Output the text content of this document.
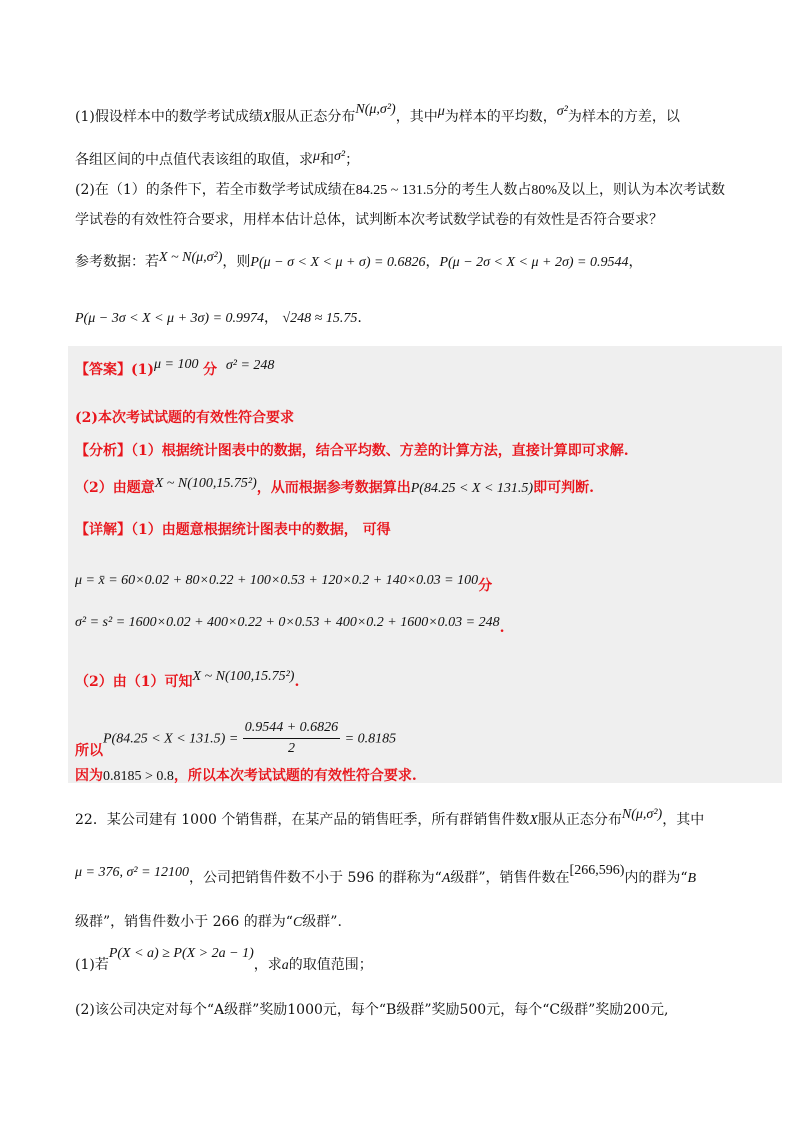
(1)假设样本中的数学考试成绩X服从正态分布N(μ,σ²)，其中μ为样本的平均数，σ²为样本的方差，以
各组区间的中点值代表该组的取值，求μ和σ²；
(2)在（1）的条件下，若全市数学考试成绩在84.25 ~ 131.5分的考生人数占80%及以上，则认为本次考试数
学试卷的有效性符合要求，用样本估计总体，试判断本次考试数学试卷的有效性是否符合要求？
参考数据：若X ~ N(μ,σ²)，则P(μ − σ < X < μ + σ) = 0.6826，P(μ − 2σ < X < μ + 2σ) = 0.9544，
P(μ − 3σ < X < μ + 3σ) = 0.9974， √248 ≈ 15.75.
【答案】(1)μ = 100 分 σ² = 248
(2)本次考试试题的有效性符合要求
【分析】（1）根据统计图表中的数据，结合平均数、方差的计算方法，直接计算即可求解.
（2）由题意X ~ N(100,15.75²)，从而根据参考数据算出P(84.25 < X < 131.5)即可判断.
【详解】（1）由题意根据统计图表中的数据， 可得
μ = x̄ = 60×0.02 + 80×0.22 + 100×0.53 + 120×0.2 + 140×0.03 = 100分
σ² = s² = 1600×0.02 + 400×0.22 + 0×0.53 + 400×0.2 + 1600×0.03 = 248.
（2）由（1）可知X ~ N(100,15.75²).
所以$P(84.25 < X < 131.5) = \frac{0.9544 + 0.6826}{2} = 0.8185$
因为0.8185 > 0.8，所以本次考试试题的有效性符合要求.
22．某公司建有 1000 个销售群，在某产品的销售旺季，所有群销售件数X服从正态分布N(μ,σ²)，其中
μ = 376, σ² = 12100，公司把销售件数不小于 596 的群称为“A级群”，销售件数在[266,596)内的群为“B
级群”，销售件数小于 266 的群为“C级群”.
(1)若P(X < a) ≥ P(X > 2a − 1)，求a的取值范围；
(2)该公司决定对每个“A级群”奖励1000元，每个“B级群”奖励500元，每个“C级群”奖励200元,
